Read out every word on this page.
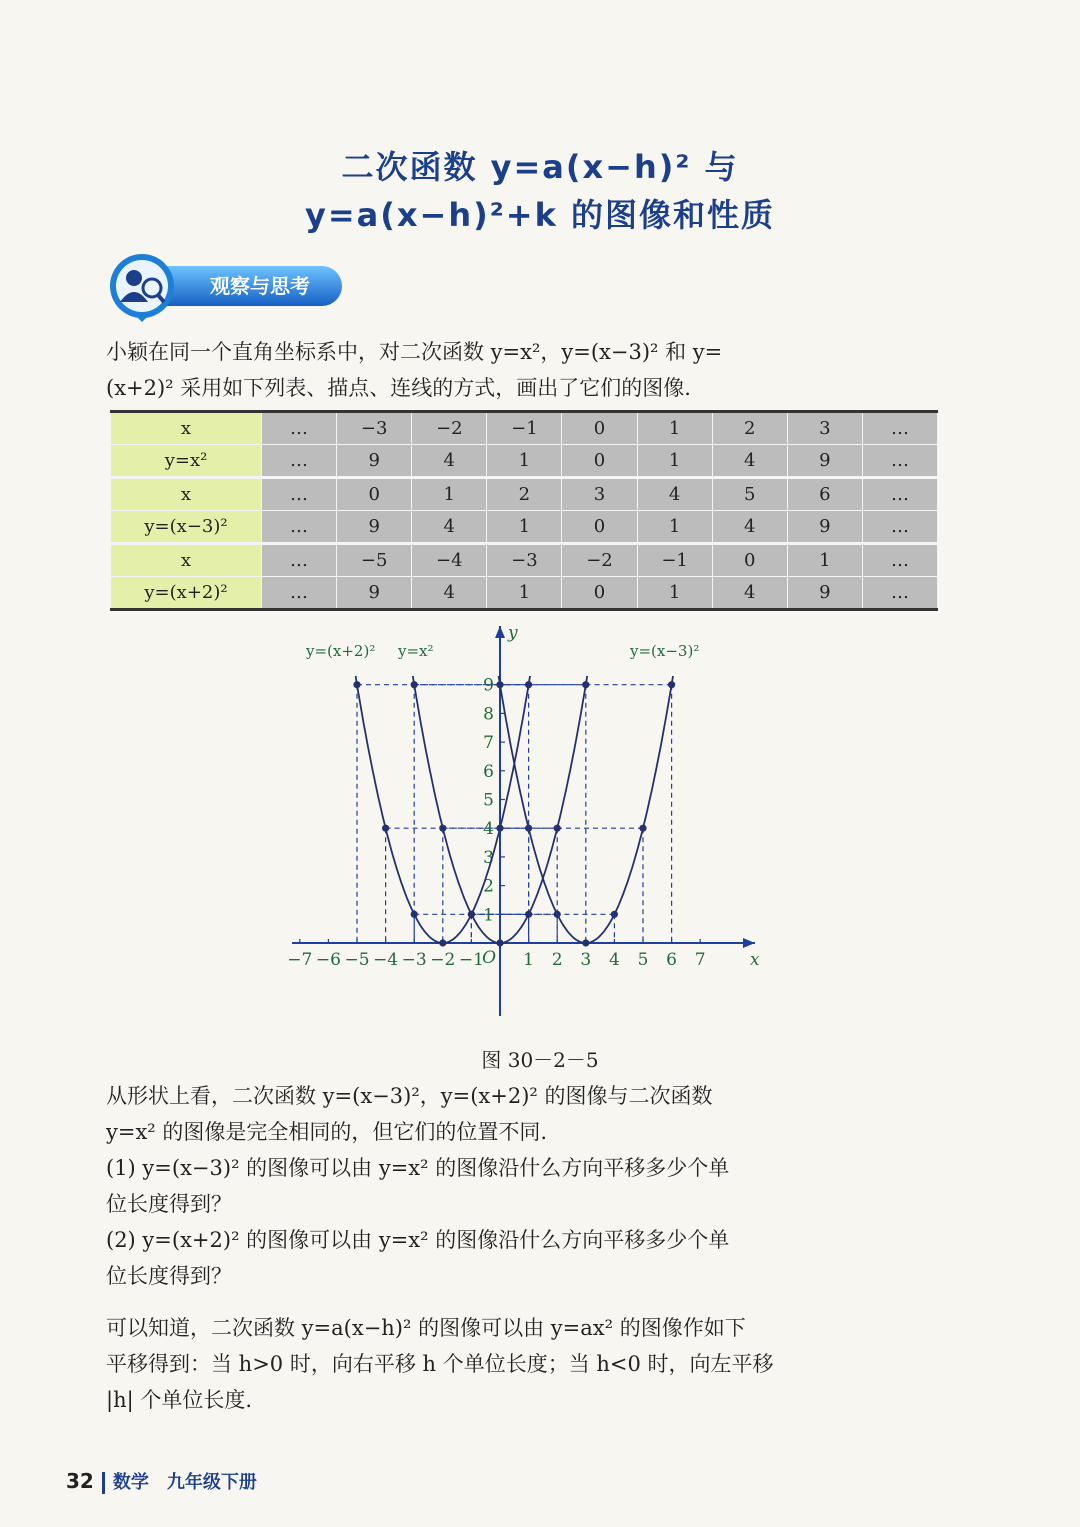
二次函数 y=a(x−h)² 与
y=a(x−h)²+k 的图像和性质
观察与思考
小颖在同一个直角坐标系中，对二次函数 y=x²，y=(x−3)² 和 y=
(x+2)² 采用如下列表、描点、连线的方式，画出了它们的图像.
x	…	−3	−2	−1	0	1	2	3	…
y=x²	…	9	4	1	0	1	4	9	…
x	…	0	1	2	3	4	5	6	…
y=(x−3)²	…	9	4	1	0	1	4	9	…
x	…	−5	−4	−3	−2	−1	0	1	…
y=(x+2)²	…	9	4	1	0	1	4	9	…
−7 −6 −5 −4 −3 −2 −1 1 2 3 4 5 6 7
1
2
3
4
5
6
7
8
9
O	x
y
y=(x+2)² y=x²	y=(x−3)²
图 30－2－5
从形状上看，二次函数 y=(x−3)²，y=(x+2)² 的图像与二次函数
y=x² 的图像是完全相同的，但它们的位置不同.
(1) y=(x−3)² 的图像可以由 y=x² 的图像沿什么方向平移多少个单
位长度得到？
(2) y=(x+2)² 的图像可以由 y=x² 的图像沿什么方向平移多少个单
位长度得到？
可以知道，二次函数 y=a(x−h)² 的图像可以由 y=ax² 的图像作如下
平移得到：当 h>0 时，向右平移 h 个单位长度；当 h<0 时，向左平移
|h| 个单位长度.
32 数学　九年级下册
